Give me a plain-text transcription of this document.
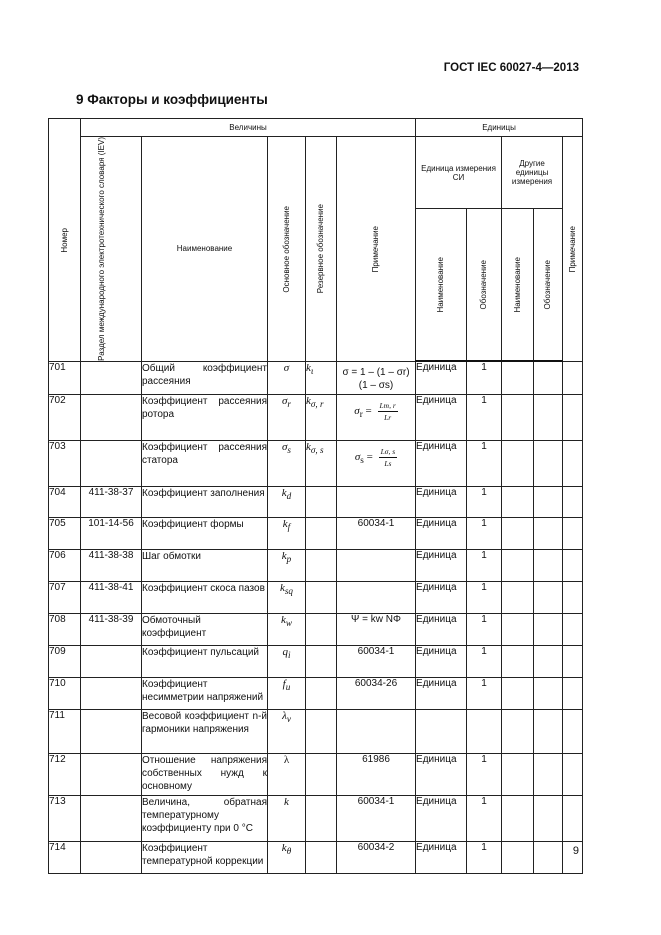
ГОСТ IEC 60027-4—2013
9 Факторы и коэффициенты
Номер	Величины					Единицы				

	Раздел международного электротехнического словаря (IEV)	Наименование	Основное обозначение	Резервное обозначение	Примечание	Единица измерения СИ		Другие единицы измерения		Примечание

						Наименование	Обозначение	Наименование	Обозначение	

701		Общий коэффициент рассеяния	σ	$k_\iota$	σ = 1 – (1 – σr) (1 – σs)	Единица	1			
702		Коэффициент рассеяния ротора	$\sigma_r$	$k_{\sigma, r}$	$\sigma_r = \frac{Lm, r}{Lr}$	Единица	1			
703		Коэффициент рассеяния статора	$\sigma_s$	$k_{\sigma, s}$	$\sigma_s = \frac{L\sigma, s}{Ls}$	Единица	1			
704	411-38-37	Коэффициент заполнения	$k_d$			Единица	1			
705	101-14-56	Коэффициент формы	$k_f$		60034-1	Единица	1			
706	411-38-38	Шаг обмотки	$k_p$			Единица	1			
707	411-38-41	Коэффициент скоса пазов	$k_{sq}$			Единица	1			
708	411-38-39	Обмоточный коэффициент	$k_w$		Ψ = kw NΦ	Единица	1			
709		Коэффициент пульсаций	$q_i$		60034-1	Единица	1			
710		Коэффициент несимметрии напряжений	$f_u$		60034-26	Единица	1			
711		Весовой коэффициент n-й гармоники напряжения	$\lambda_\nu$							
712		Отношение напряжения собственных нужд к основному	λ		61986	Единица	1			
713		Величина, обратная температурному коэффициенту при 0 °C	k		60034-1	Единица	1			
714		Коэффициент температурной коррекции	$k_\theta$		60034-2	Единица	1				9
